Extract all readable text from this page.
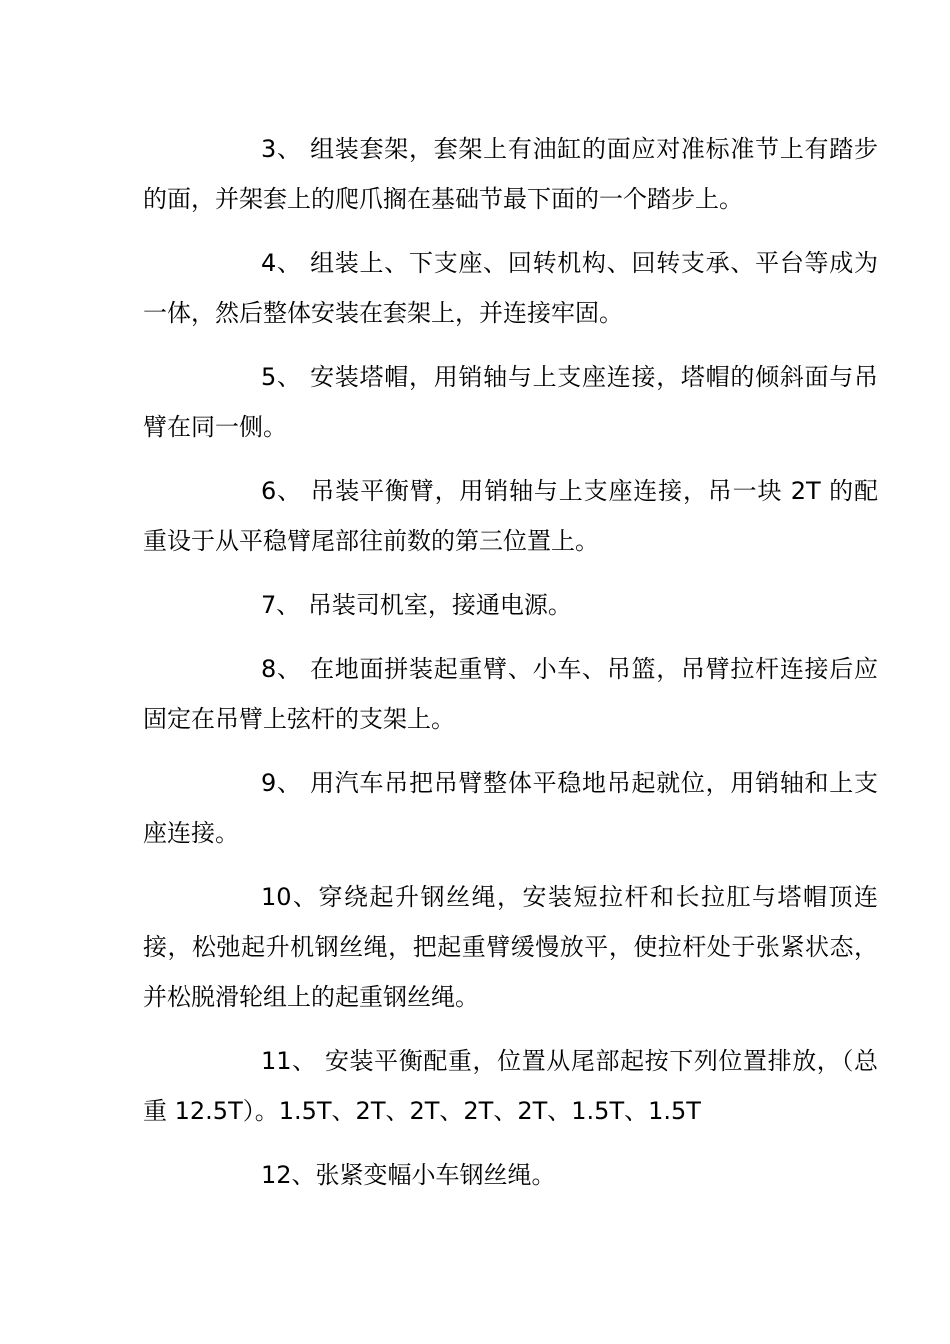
3、 组装套架，套架上有油缸的面应对准标准节上有踏步的面，并架套上的爬爪搁在基础节最下面的一个踏步上。

4、 组装上、下支座、回转机构、回转支承、平台等成为一体，然后整体安装在套架上，并连接牢固。

5、 安装塔帽，用销轴与上支座连接，塔帽的倾斜面与吊臂在同一侧。

6、 吊装平衡臂，用销轴与上支座连接，吊一块 2T 的配重设于从平稳臂尾部往前数的第三位置上。

7、 吊装司机室，接通电源。

8、 在地面拼装起重臂、小车、吊篮，吊臂拉杆连接后应固定在吊臂上弦杆的支架上。

9、 用汽车吊把吊臂整体平稳地吊起就位，用销轴和上支座连接。

10、穿绕起升钢丝绳，安装短拉杆和长拉肛与塔帽顶连接，松弛起升机钢丝绳，把起重臂缓慢放平，使拉杆处于张紧状态，并松脱滑轮组上的起重钢丝绳。

11、 安装平衡配重，位置从尾部起按下列位置排放，（总重 12.5T）。1.5T、2T、2T、2T、2T、1.5T、1.5T

12、张紧变幅小车钢丝绳。
